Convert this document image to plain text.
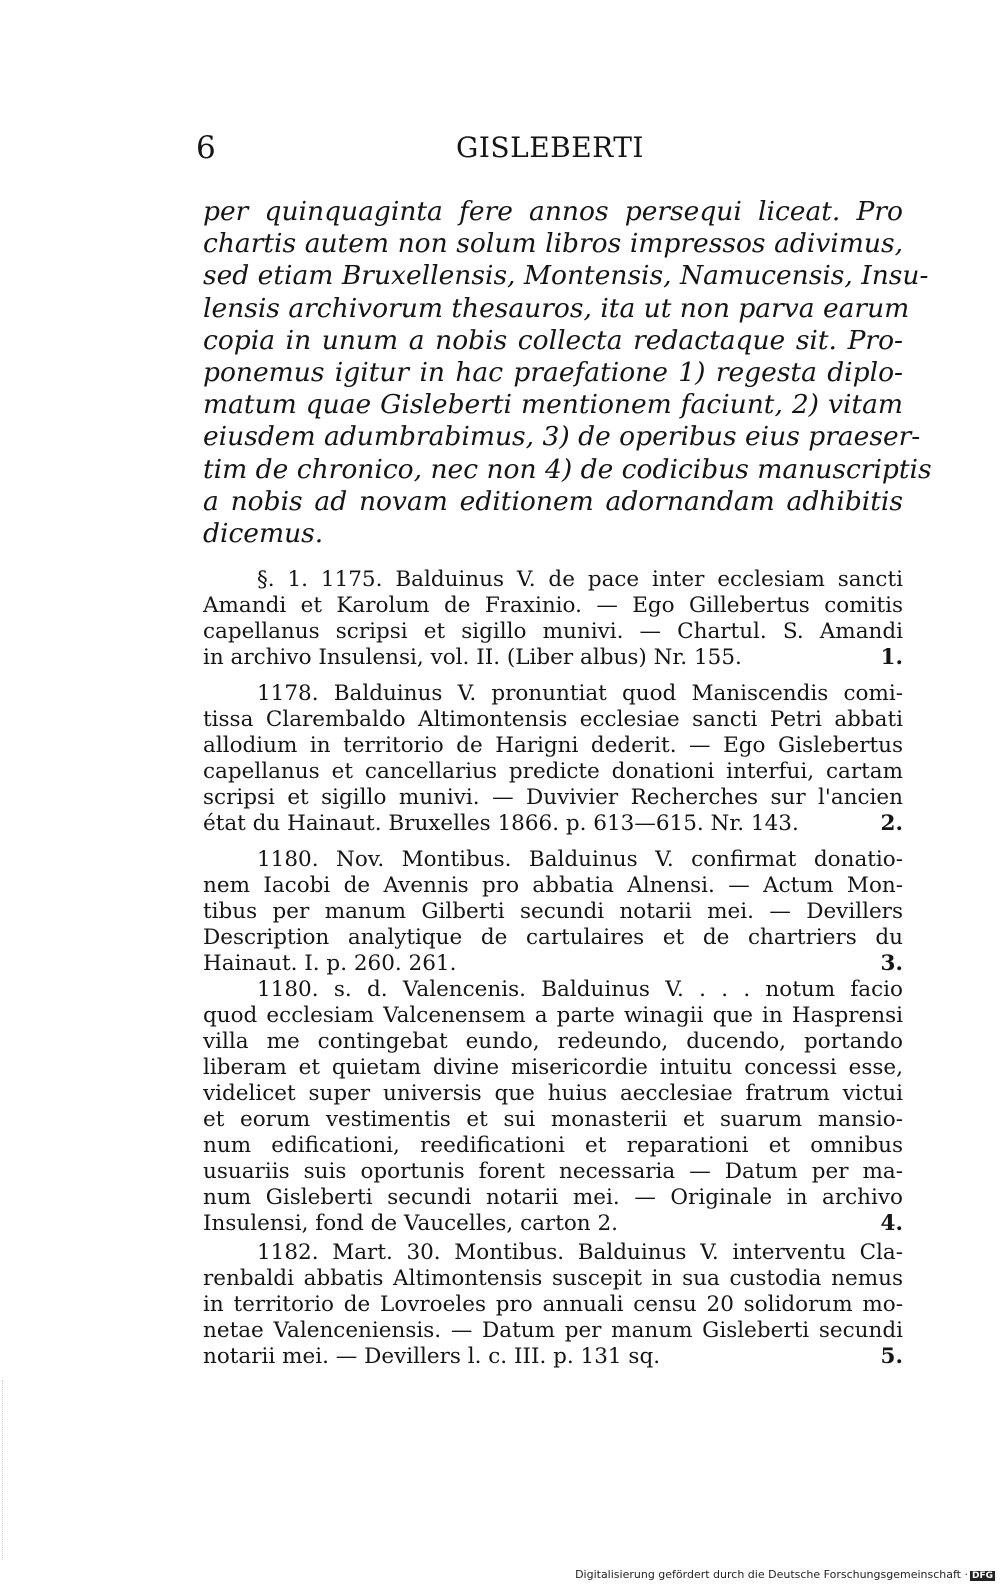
6	GISLEBERTI
per quinquaginta fere annos persequi liceat. Pro
chartis autem non solum libros impressos adivimus,
sed etiam Bruxellensis, Montensis, Namucensis, Insu-
lensis archivorum thesauros, ita ut non parva earum
copia in unum a nobis collecta redactaque sit. Pro-
ponemus igitur in hac praefatione 1) regesta diplo-
matum quae Gisleberti mentionem faciunt, 2) vitam
eiusdem adumbrabimus, 3) de operibus eius praeser-
tim de chronico, nec non 4) de codicibus manuscriptis
a nobis ad novam editionem adornandam adhibitis
dicemus.
§. 1. 1175. Balduinus V. de pace inter ecclesiam sancti
Amandi et Karolum de Fraxinio. — Ego Gillebertus comitis
capellanus scripsi et sigillo munivi. — Chartul. S. Amandi
in archivo Insulensi, vol. II. (Liber albus) Nr. 155.	1.
1178. Balduinus V. pronuntiat quod Maniscendis comi-
tissa Clarembaldo Altimontensis ecclesiae sancti Petri abbati
allodium in territorio de Harigni dederit. — Ego Gislebertus
capellanus et cancellarius predicte donationi interfui, cartam
scripsi et sigillo munivi. — Duvivier Recherches sur l'ancien
état du Hainaut. Bruxelles 1866. p. 613—615. Nr. 143.	2.
1180. Nov. Montibus. Balduinus V. confirmat donatio-
nem Iacobi de Avennis pro abbatia Alnensi. — Actum Mon-
tibus per manum Gilberti secundi notarii mei. — Devillers
Description analytique de cartulaires et de chartriers du
Hainaut. I. p. 260. 261.	3.
1180. s. d. Valencenis. Balduinus V. . . . notum facio
quod ecclesiam Valcenensem a parte winagii que in Hasprensi
villa me contingebat eundo, redeundo, ducendo, portando
liberam et quietam divine misericordie intuitu concessi esse,
videlicet super universis que huius aecclesiae fratrum victui
et eorum vestimentis et sui monasterii et suarum mansio-
num edificationi, reedificationi et reparationi et omnibus
usuariis suis oportunis forent necessaria — Datum per ma-
num Gisleberti secundi notarii mei. — Originale in archivo
Insulensi, fond de Vaucelles, carton 2.	4.
1182. Mart. 30. Montibus. Balduinus V. interventu Cla-
renbaldi abbatis Altimontensis suscepit in sua custodia nemus
in territorio de Lovroeles pro annuali censu 20 solidorum mo-
netae Valenceniensis. — Datum per manum Gisleberti secundi
notarii mei. — Devillers l. c. III. p. 131 sq.	5.
Digitalisierung gefördert durch die Deutsche Forschungsgemeinschaft · DFG
